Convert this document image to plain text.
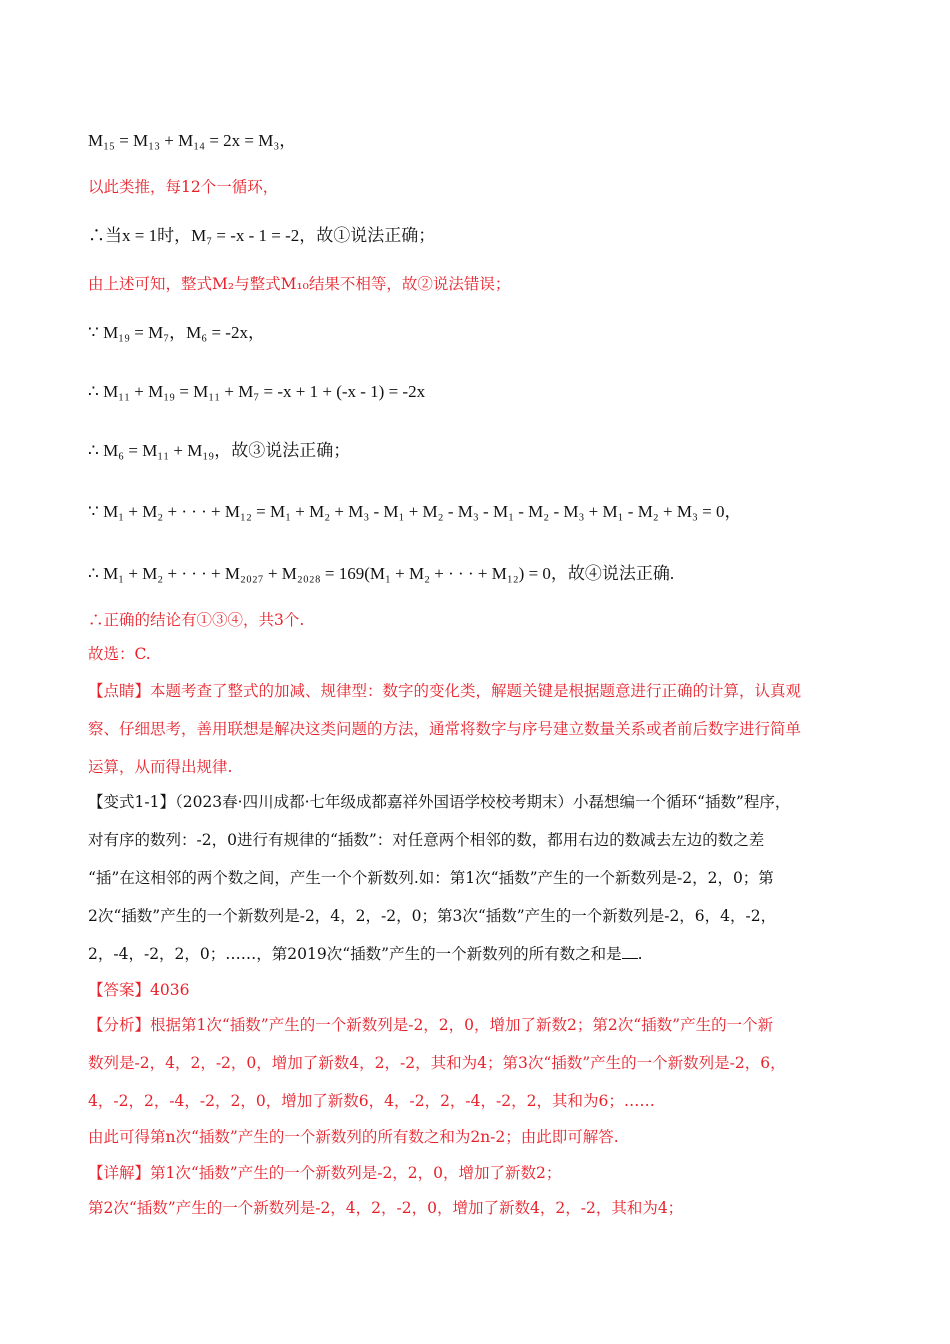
M₁₅ = M₁₃ + M₁₄ = 2x = M₃，
以此类推，每12个一循环，
∴当x = 1时，M₇ = -x - 1 = -2，故①说法正确；
由上述可知，整式M₂与整式M₁₀结果不相等，故②说法错误；
∵ M₁₉ = M₇，M₆ = -2x，
∴ M₁₁ + M₁₉ = M₁₁ + M₇ = -x + 1 + (-x - 1) = -2x
∴ M₆ = M₁₁ + M₁₉，故③说法正确；
∵ M₁ + M₂ + · · · + M₁₂ = M₁ + M₂ + M₃ - M₁ + M₂ - M₃ - M₁ - M₂ - M₃ + M₁ - M₂ + M₃ = 0，
∴ M₁ + M₂ + · · · + M₂₀₂₇ + M₂₀₂₈ = 169(M₁ + M₂ + · · · + M₁₂) = 0，故④说法正确.
∴正确的结论有①③④，共3个.
故选：C.
【点睛】本题考查了整式的加减、规律型：数字的变化类，解题关键是根据题意进行正确的计算，认真观
察、仔细思考，善用联想是解决这类问题的方法，通常将数字与序号建立数量关系或者前后数字进行简单
运算，从而得出规律.
【变式1-1】（2023春·四川成都·七年级成都嘉祥外国语学校校考期末）小磊想编一个循环“插数”程序，
对有序的数列：-2，0进行有规律的“插数”：对任意两个相邻的数，都用右边的数减去左边的数之差
“插”在这相邻的两个数之间，产生一个个新数列.如：第1次“插数”产生的一个新数列是-2，2，0；第
2次“插数”产生的一个新数列是-2，4，2，-2，0；第3次“插数”产生的一个新数列是-2，6，4，-2，
2，-4，-2，2，0；……，第2019次“插数”产生的一个新数列的所有数之和是 .
【答案】4036
【分析】根据第1次“插数”产生的一个新数列是-2，2，0，增加了新数2；第2次“插数”产生的一个新
数列是-2，4，2，-2，0，增加了新数4，2，-2，其和为4；第3次“插数”产生的一个新数列是-2，6，
4，-2，2，-4，-2，2，0，增加了新数6，4，-2，2，-4，-2，2，其和为6；……
由此可得第n次“插数”产生的一个新数列的所有数之和为2n-2；由此即可解答.
【详解】第1次“插数”产生的一个新数列是-2，2，0，增加了新数2；
第2次“插数”产生的一个新数列是-2，4，2，-2，0，增加了新数4，2，-2，其和为4；
